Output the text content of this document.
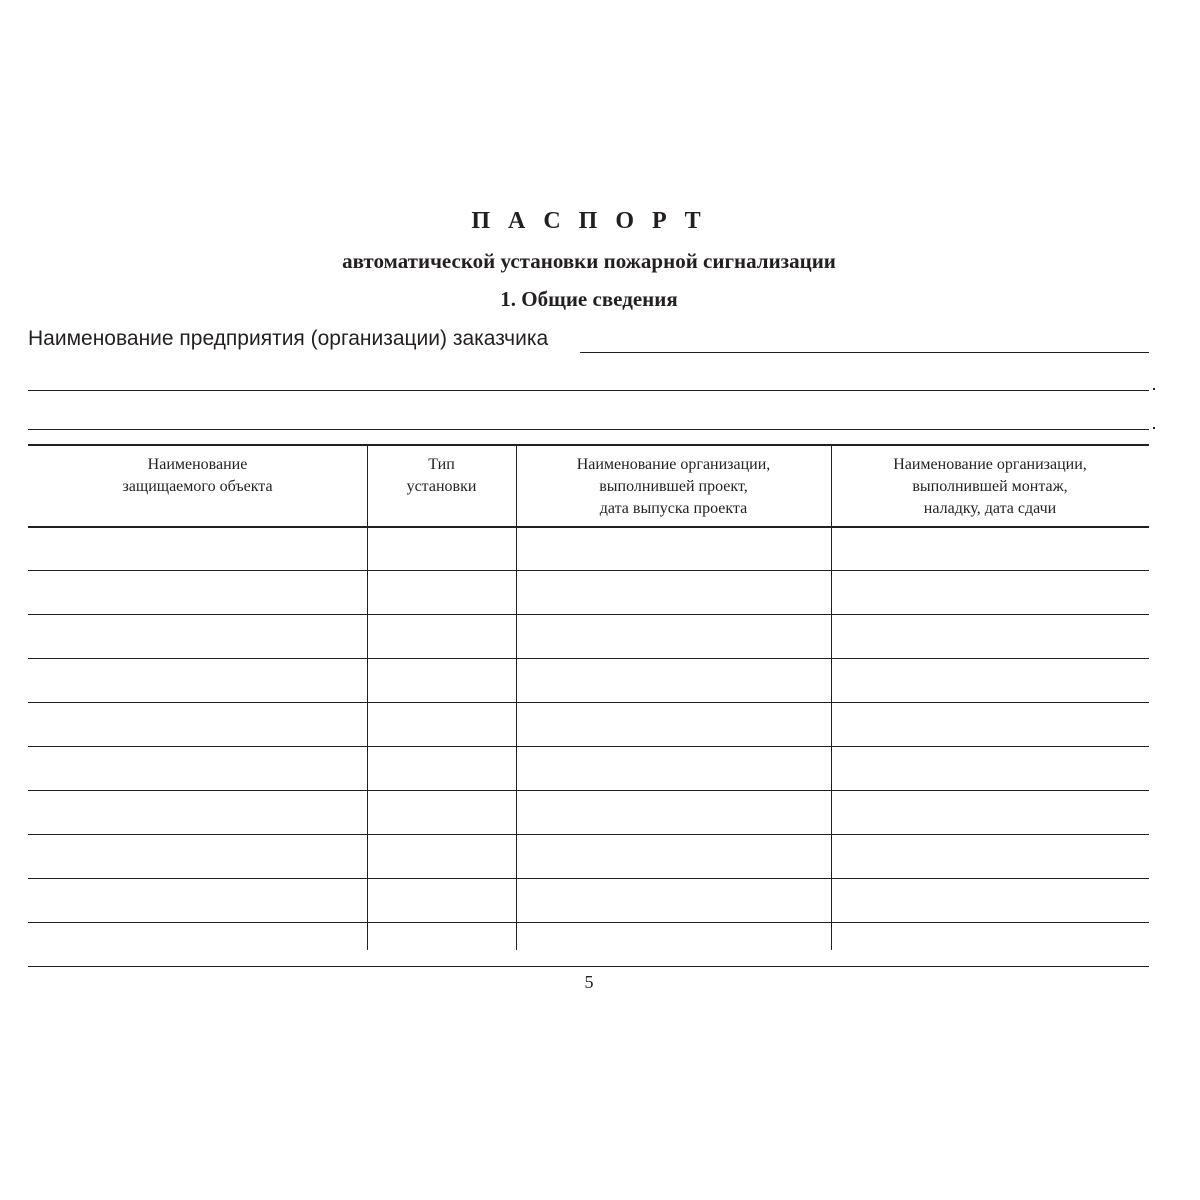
П А С П О Р Т
автоматической установки пожарной сигнализации
1. Общие сведения
Наименование предприятия (организации) заказчика
Наименование
защищаемого объекта
Тип
установки
Наименование организации,
выполнившей проект,
дата выпуска проекта
Наименование организации,
выполнившей монтаж,
наладку, дата сдачи
5
